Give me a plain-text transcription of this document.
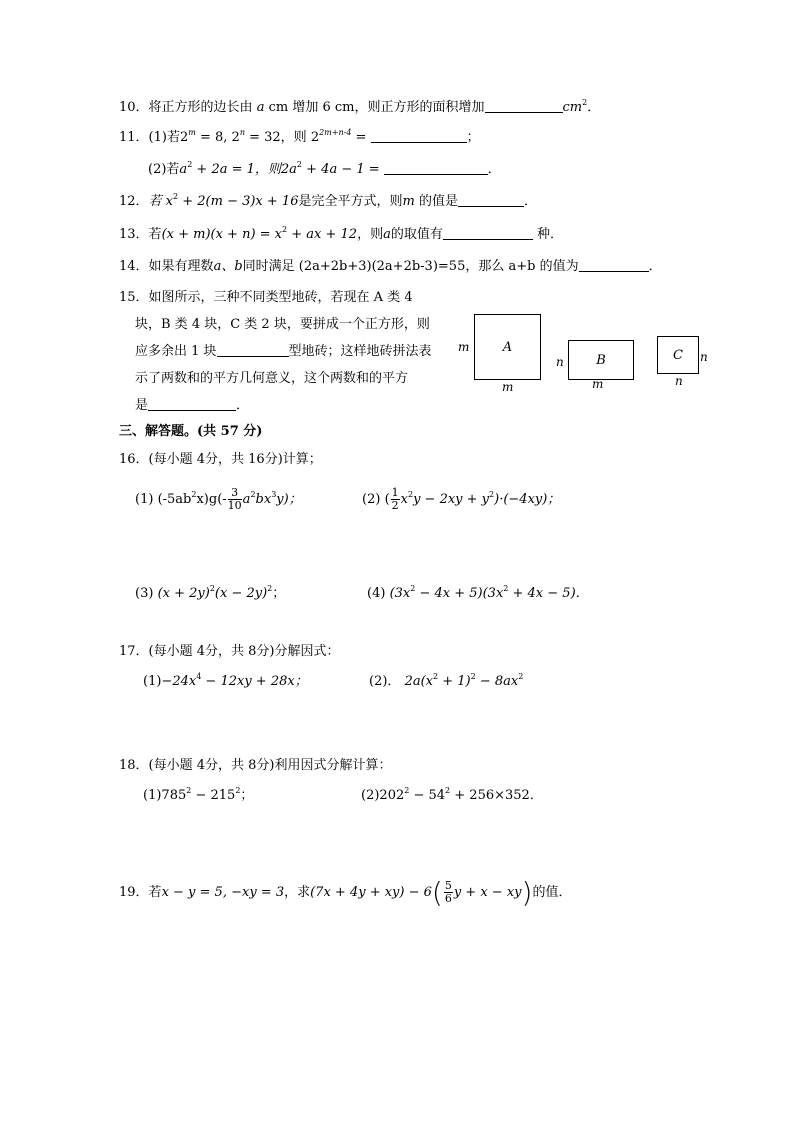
10．将正方形的边长由 a cm 增加 6 cm，则正方形的面积增加	$cm^2$．
11．(1)若$2^m = 8$, $2^n = 32$，则 $2^{2m+n-4}$ =	；
(2)若$a^2 + 2a = 1$，则$2a^2 + 4a - 1$ =	．
12．若 $x^2 + 2(m - 3)x + 16$是完全平方式，则m 的值是	．
13．若$(x + m)(x + n) = x^2$ + ax + 12，则a的取值有	种．
14．如果有理数a、b同时满足 (2a+2b+3)(2a+2b-3)=55，那么 a+b 的值为	．
15．如图所示，三种不同类型地砖，若现在 A 类 4
块，B 类 4 块，C 类 2 块，要拼成一个正方形，则
应多余出 1 块	型地砖；这样地砖拼法表
示了两数和的平方几何意义，这个两数和的平方
是	．
m	A
m
n B
m
C n
n
三、解答题。(共 57 分)
16．(每小题 4分，共 16分)计算；
(1) $(-5ab^2x)g(- \frac{3}{10} a^2bx^3y)$；	(2) ( $\frac{1}{2} x^2y - 2xy + y^2)\cdot(-4xy)$；
(3) $(x + 2y)^2(x - 2y)^2$；	(4) $(3x^2 - 4x + 5)(3x^2 + 4x - 5)$．
17．(每小题 4分，共 8分)分解因式：
$(1)-24x^4 - 12xy + 28x$；	(2)． $2a(x^2 + 1)^2 - 8ax^2$
18．(每小题 4分，共 8分)利用因式分解计算：
$(1)785^2 - 215^2$；	$(2)202^2 - 54^2 + 256\times 352$．
19．若x − y = 5, −xy = 3，求$(7x + 4y + xy) - 6( \frac{5}{6}$ y + x − xy)的值．
